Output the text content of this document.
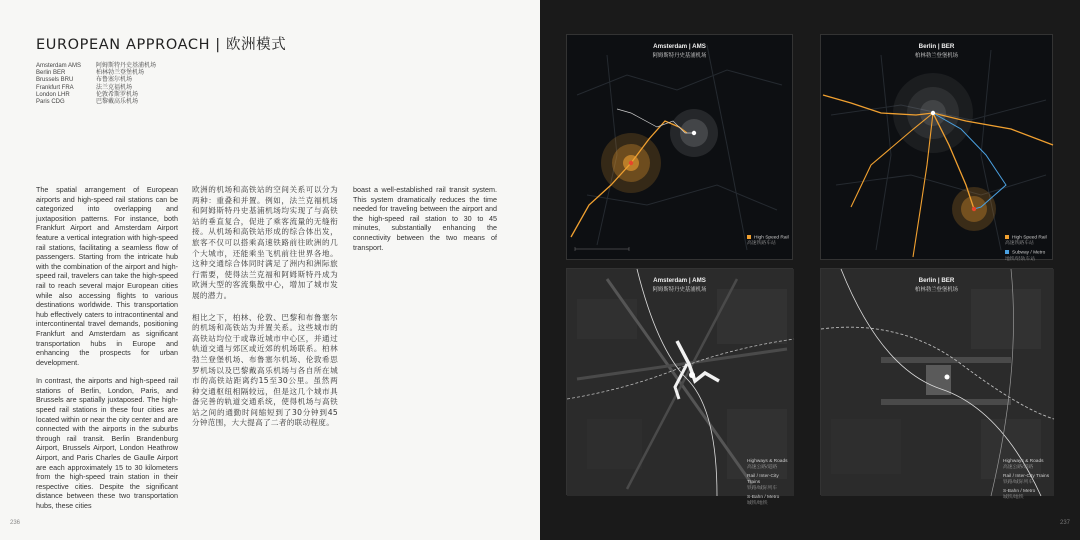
EUROPEAN APPROACH | 欧洲模式
Amsterdam AMS	阿姆斯特丹史基浦机场
Berlin BER	柏林勃兰登堡机场
Brussels BRU	布鲁塞尔机场
Frankfurt FRA	法兰克福机场
London LHR	伦敦希斯罗机场
Paris CDG	巴黎戴高乐机场

The spatial arrangement of European airports and high-speed rail stations can be categorized into overlapping and juxtaposition patterns. For instance, both Frankfurt Airport and Amsterdam Airport feature a vertical integration with high-speed rail stations, facilitating a seamless flow of passengers. Starting from the intricate hub with the combination of the airport and high-speed rail, travelers can take the high-speed rail to reach several major European cities while also accessing flights to various destinations worldwide. This transportation hub effectively caters to intracontinental and intercontinental travel demands, positioning Frankfurt and Amsterdam as significant transportation hubs in Europe and enhancing the prospects for urban development.

In contrast, the airports and high-speed rail stations of Berlin, London, Paris, and Brussels are spatially juxtaposed. The high-speed rail stations in these four cities are located within or near the city center and are connected with the airports in the suburbs through rail transit. Berlin Brandenburg Airport, Brussels Airport, London Heathrow Airport, and Paris Charles de Gaulle Airport are each approximately 15 to 30 kilometers from the high-speed train station in their respective cities. Despite the significant distance between these two transportation hubs, these cities

欧洲的机场和高铁站的空间关系可以分为两种：重叠和并置。例如，法兰克福机场和阿姆斯特丹史基浦机场均实现了与高铁站的垂直复合，促进了乘客流量的无缝衔接。从机场和高铁站形成的综合体出发，旅客不仅可以搭乘高速铁路前往欧洲的几个大城市，还能乘坐飞机前往世界各地。这种交通综合体同时满足了洲内和洲际旅行需要，使得法兰克福和阿姆斯特丹成为欧洲大型的客流集散中心，增加了城市发展的潜力。

相比之下，柏林、伦敦、巴黎和布鲁塞尔的机场和高铁站为并置关系。这些城市的高铁站均位于或靠近城市中心区，并通过轨道交通与郊区或近郊的机场联系。柏林勃兰登堡机场、布鲁塞尔机场、伦敦希思罗机场以及巴黎戴高乐机场与各自所在城市的高铁站距离约15至30公里。虽然两种交通枢纽相隔较远，但是这几个城市具备完善的轨道交通系统，使得机场与高铁站之间的通勤时间缩短到了30分钟到45分钟范围，大大提高了二者的联动程度。

boast a well-established rail transit system. This system dramatically reduces the time needed for traveling between the airport and the high-speed rail station to 30 to 45 minutes, substantially enhancing the connectivity between the two means of transport.

236
Amsterdam | AMS
阿姆斯特丹史基浦机场
High Speed Rail
高速铁路车站
Berlin | BER
柏林勃兰登堡机场
High Speed Rail
高速铁路车站
Subway / Metro
地铁/轻轨车站
Amsterdam | AMS
阿姆斯特丹史基浦机场
Highways & Roads
高速公路/道路
Rail / Inter-City Trains
铁路/城际列车
S-Bahn / Metro
城铁/地铁
Berlin | BER
柏林勃兰登堡机场
Highways & Roads
高速公路/道路
Rail / Inter-City Trains
铁路/城际列车
S-Bahn / Metro
城铁/地铁
237
